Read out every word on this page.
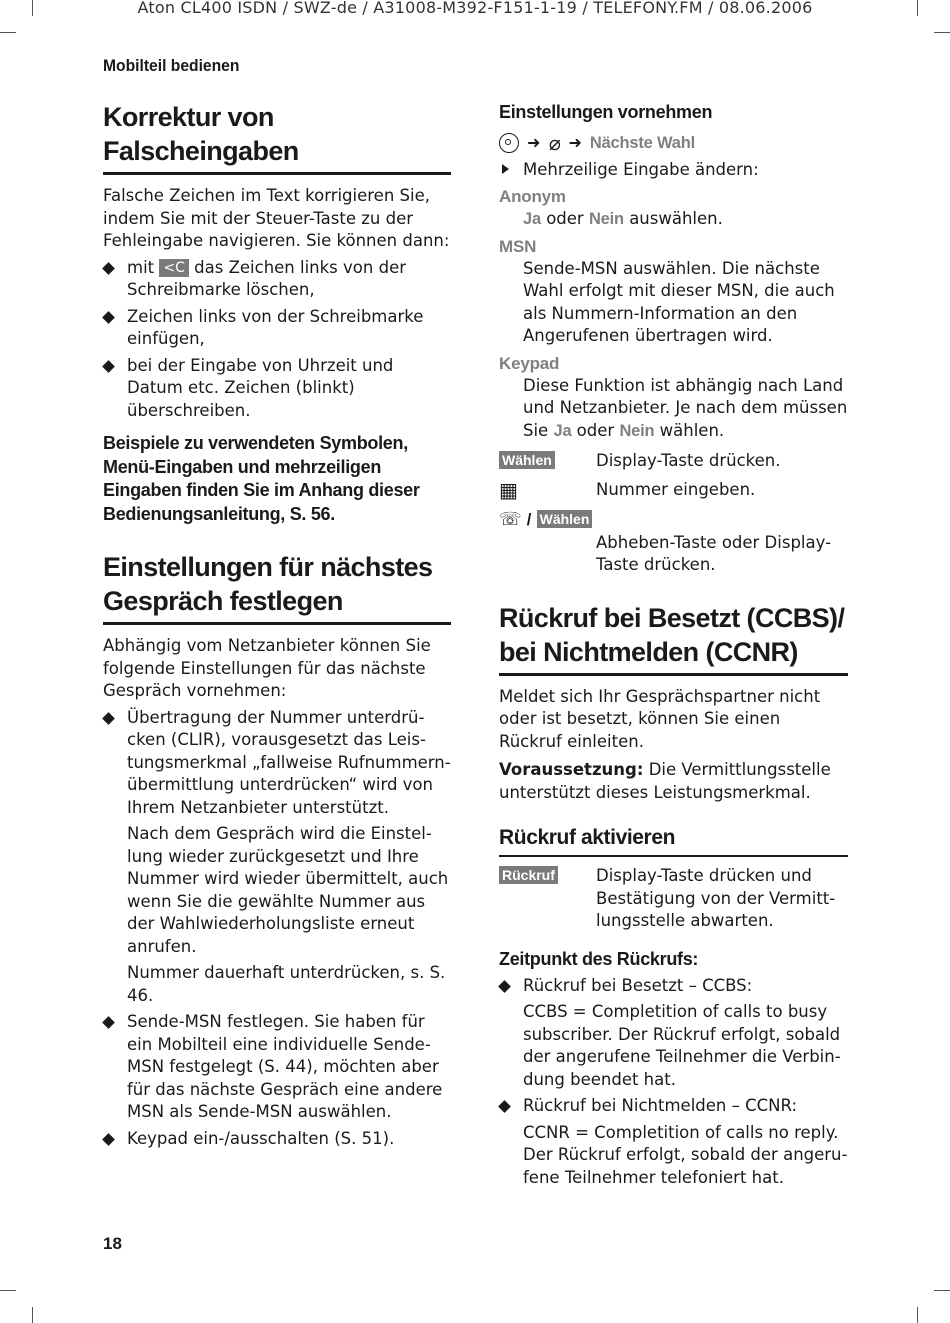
Aton CL400 ISDN / SWZ-de / A31008-M392-F151-1-19 / TELEFONY.FM / 08.06.2006
Mobilteil bedienen
18
Korrektur von Falscheingaben

Falsche Zeichen im Text korrigieren Sie, indem Sie mit der Steuer-Taste zu der Fehleingabe navigieren. Sie können dann:

mit <C das Zeichen links von der Schreibmarke löschen,
Zeichen links von der Schreibmarke einfügen,
bei der Eingabe von Uhrzeit und Datum etc. Zeichen (blinkt) überschreiben.

Beispiele zu verwendeten Symbolen, Menü-Eingaben und mehrzeiligen Eingaben finden Sie im Anhang dieser Bedienungsanleitung, S. 56.

Einstellungen für nächstes
Gespräch festlegen

Abhängig vom Netzanbieter können Sie folgende Einstellungen für das nächste Gespräch vornehmen:

Übertragung der Nummer unterdrücken (CLIR), vorausgesetzt das Leistungsmerkmal „fallweise Rufnummernübermittlung unterdrücken“ wird von Ihrem Netzanbieter unterstützt.
Nach dem Gespräch wird die Einstellung wieder zurückgesetzt und Ihre Nummer wird wieder übermittelt, auch wenn Sie die gewählte Nummer aus der Wahlwiederholungsliste erneut anrufen.
Nummer dauerhaft unterdrücken, s. S. 46.
Sende-MSN festlegen. Sie haben für ein Mobilteil eine individuelle Sende-MSN festgelegt (S. 44), möchten aber für das nächste Gespräch eine andere MSN als Sende-MSN auswählen.
Keypad ein-/ausschalten (S. 51).
Einstellungen vornehmen
➜ ⌀ ➜ Nächste Wahl

Mehrzeilige Eingabe ändern:

Anonym
Ja oder Nein auswählen.
MSN
Sende-MSN auswählen. Die nächste Wahl erfolgt mit dieser MSN, die auch als Nummern-Information an den Angerufenen übertragen wird.
Keypad
Diese Funktion ist abhängig nach Land und Netzanbieter. Je nach dem müssen Sie Ja oder Nein wählen.
Wählen	Display-Taste drücken.
▦	Nummer eingeben.
☏ / Wählen
Abheben-Taste oder Display-Taste drücken.
Rückruf bei Besetzt (CCBS)/
bei Nichtmelden (CCNR)

Meldet sich Ihr Gesprächspartner nicht oder ist besetzt, können Sie einen Rückruf einleiten.

Voraussetzung: Die Vermittlungsstelle unterstützt dieses Leistungsmerkmal.

Rückruf aktivieren
Rückruf	Display-Taste drücken und Bestätigung von der Vermittlungsstelle abwarten.
Zeitpunkt des Rückrufs:
Rückruf bei Besetzt – CCBS:
CCBS = Completition of calls to busy subscriber. Der Rückruf erfolgt, sobald der angerufene Teilnehmer die Verbindung beendet hat.
Rückruf bei Nichtmelden – CCNR:
CCNR = Completition of calls no reply. Der Rückruf erfolgt, sobald der angerufene Teilnehmer telefoniert hat.
